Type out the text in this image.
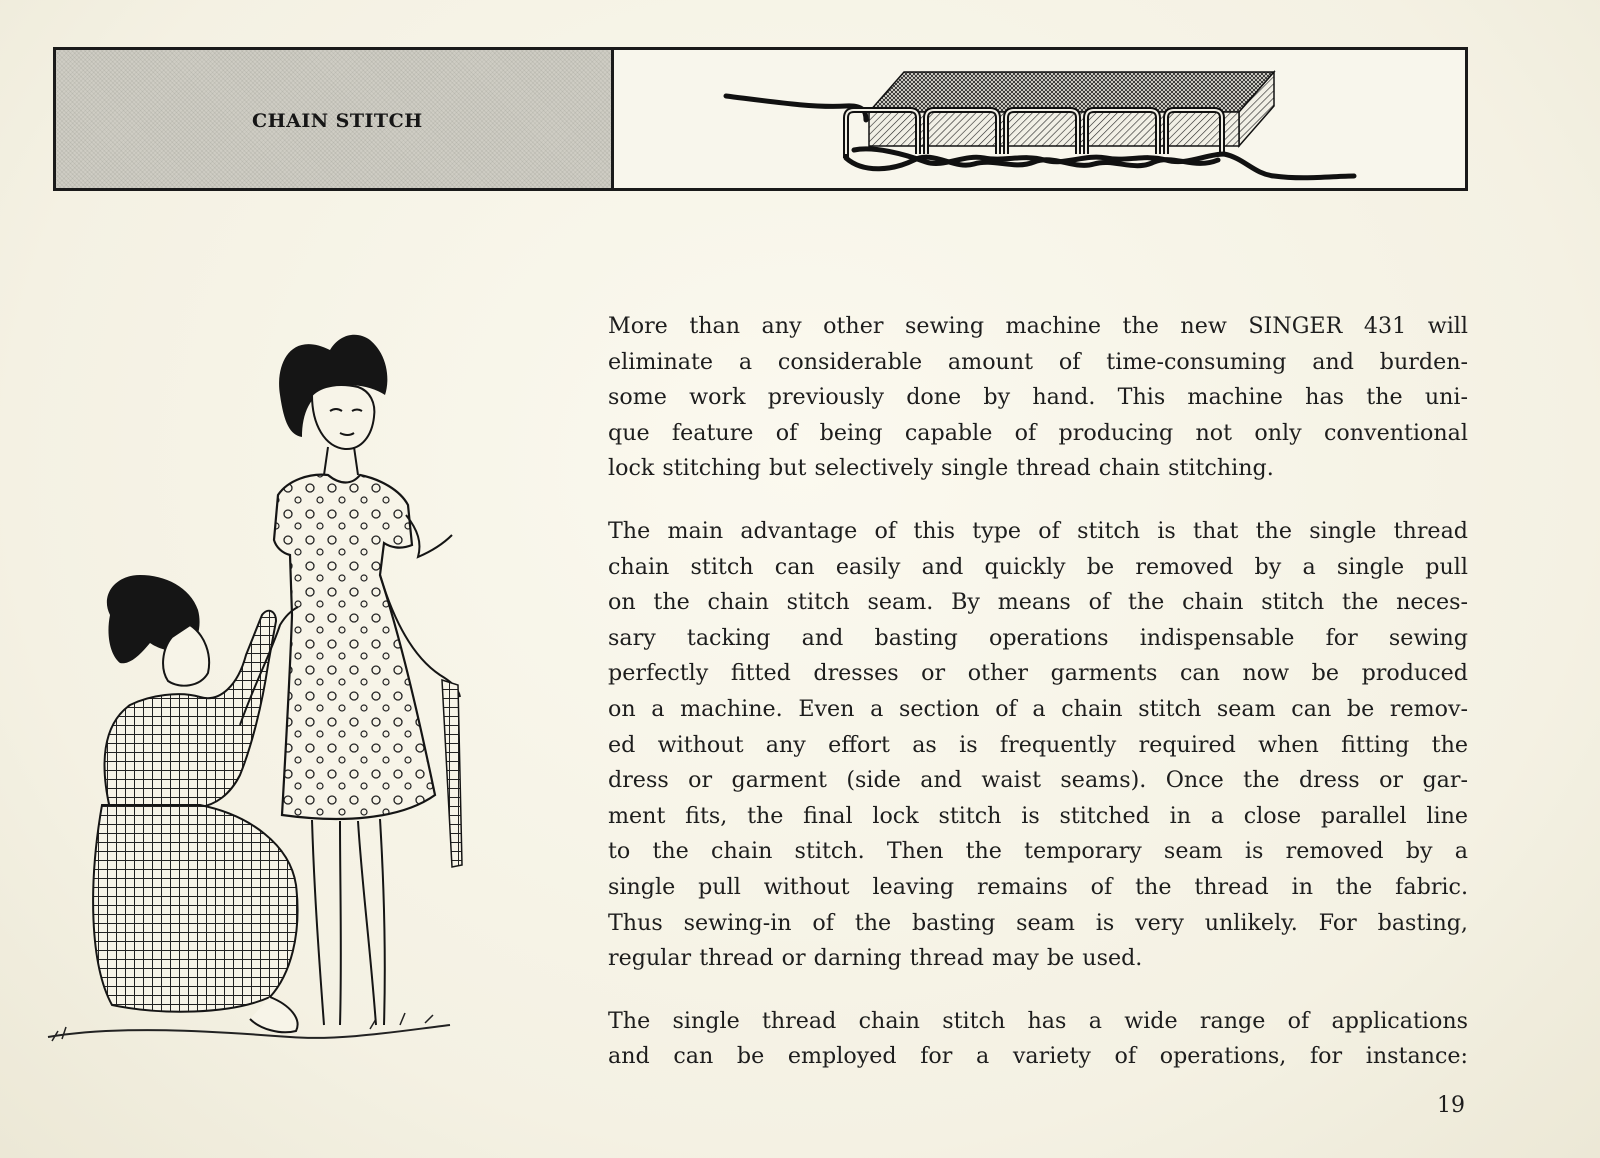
CHAIN STITCH

More than any other sewing machine the new SINGER 431 will
eliminate a considerable amount of time-consuming and burden-
some work previously done by hand. This machine has the uni-
que feature of being capable of producing not only conventional
lock stitching but selectively single thread chain stitching.

The main advantage of this type of stitch is that the single thread
chain stitch can easily and quickly be removed by a single pull
on the chain stitch seam. By means of the chain stitch the neces-
sary tacking and basting operations indispensable for sewing
perfectly fitted dresses or other garments can now be produced
on a machine. Even a section of a chain stitch seam can be remov-
ed without any effort as is frequently required when fitting the
dress or garment (side and waist seams). Once the dress or gar-
ment fits, the final lock stitch is stitched in a close parallel line
to the chain stitch. Then the temporary seam is removed by a
single pull without leaving remains of the thread in the fabric.
Thus sewing-in of the basting seam is very unlikely. For basting,
regular thread or darning thread may be used.

The single thread chain stitch has a wide range of applications
and can be employed for a variety of operations, for instance:

19
